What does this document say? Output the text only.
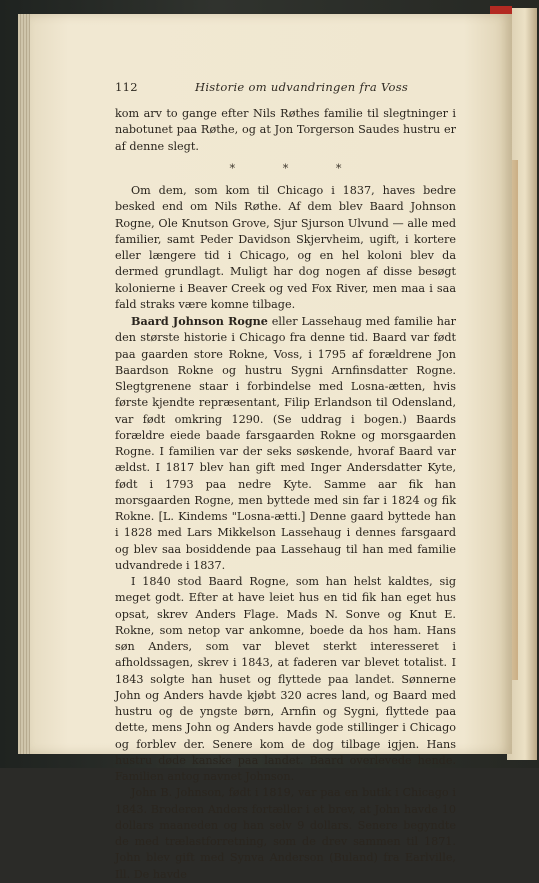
112	Historie om udvandringen fra Voss

kom arv to gange efter Nils Røthes familie til slegtninger i nabotunet paa Røthe, og at Jon Torgerson Saudes hustru er af denne slegt.

* * *

Om dem, som kom til Chicago i 1837, haves bedre besked end om Nils Røthe. Af dem blev Baard Johnson Rogne, Ole Knutson Grove, Sjur Sjurson Ulvund — alle med familier, samt Peder Davidson Skjervheim, ugift, i kortere eller længere tid i Chicago, og en hel koloni blev da dermed grundlagt. Muligt har dog nogen af disse besøgt kolonierne i Beaver Creek og ved Fox River, men maa i saa fald straks være komne tilbage.

Baard Johnson Rogne eller Lassehaug med familie har den største historie i Chicago fra denne tid. Baard var født paa gaarden store Rokne, Voss, i 1795 af forældrene Jon Baardson Rokne og hustru Sygni Arnfinsdatter Rogne. Slegtgrenene staar i forbindelse med Losna-ætten, hvis første kjendte repræsentant, Filip Erlandson til Odensland, var født omkring 1290. (Se uddrag i bogen.) Baards forældre eiede baade farsgaarden Rokne og morsgaarden Rogne. I familien var der seks søskende, hvoraf Baard var ældst. I 1817 blev han gift med Inger Andersdatter Kyte, født i 1793 paa nedre Kyte. Samme aar fik han morsgaarden Rogne, men byttede med sin far i 1824 og fik Rokne. [L. Kindems "Losna-ætti.] Denne gaard byttede han i 1828 med Lars Mikkelson Lassehaug i dennes farsgaard og blev saa bosiddende paa Lassehaug til han med familie udvandrede i 1837.

I 1840 stod Baard Rogne, som han helst kaldtes, sig meget godt. Efter at have leiet hus en tid fik han eget hus opsat, skrev Anders Flage. Mads N. Sonve og Knut E. Rokne, som netop var ankomne, boede da hos ham. Hans søn Anders, som var blevet sterkt interesseret i afholdssagen, skrev i 1843, at faderen var blevet totalist. I 1843 solgte han huset og flyttede paa landet. Sønnerne John og Anders havde kjøbt 320 acres land, og Baard med hustru og de yngste børn, Arnfin og Sygni, flyttede paa dette, mens John og Anders havde gode stillinger i Chicago og forblev der. Senere kom de dog tilbage igjen. Hans hustru døde kanske paa landet. Baard overlevede hende. Familien antog navnet Johnson.

John B. Johnson, født i 1819, var paa en butik i Chicago i 1843. Broderen Anders fortæller i et brev, at John havde 10 dollars maaneden og han selv 9 dollars. Senere begyndte de med trælastforretning, som de drev sammen til 1871. John blev gift med Synva Anderson (Buland) fra Earlville, Ill. De havde
